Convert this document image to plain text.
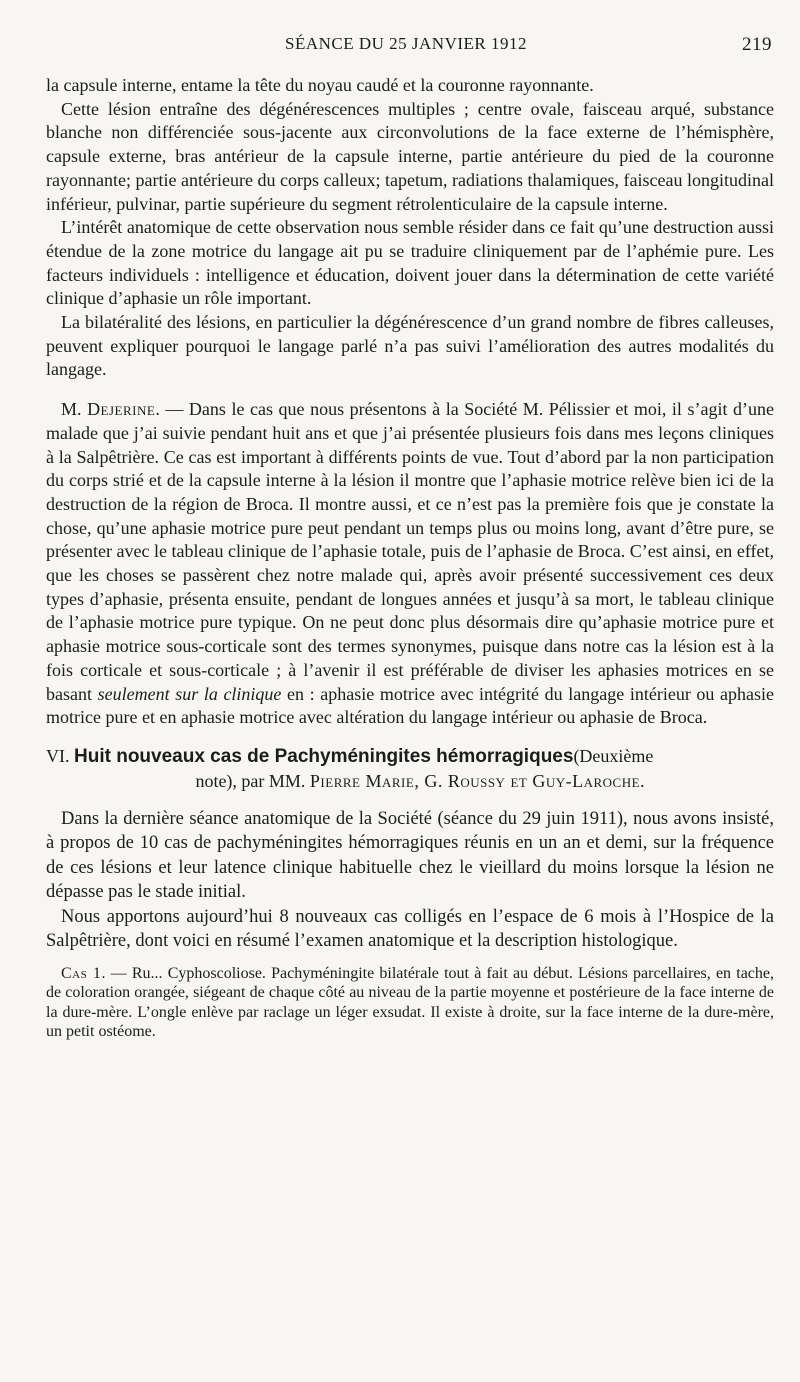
SÉANCE DU 25 JANVIER 1912	219

la capsule interne, entame la tête du noyau caudé et la couronne rayonnante.

Cette lésion entraîne des dégénérescences multiples ; centre ovale, faisceau arqué, substance blanche non différenciée sous-jacente aux circonvolutions de la face externe de l’hémisphère, capsule externe, bras antérieur de la capsule interne, partie antérieure du pied de la couronne rayonnante; partie antérieure du corps calleux; tapetum, radiations thalamiques, faisceau longitudinal inférieur, pulvinar, partie supérieure du segment rétrolenticulaire de la capsule interne.

L’intérêt anatomique de cette observation nous semble résider dans ce fait qu’une destruction aussi étendue de la zone motrice du langage ait pu se traduire cliniquement par de l’aphémie pure. Les facteurs individuels : intelligence et éducation, doivent jouer dans la détermination de cette variété clinique d’aphasie un rôle important.

La bilatéralité des lésions, en particulier la dégénérescence d’un grand nombre de fibres calleuses, peuvent expliquer pourquoi le langage parlé n’a pas suivi l’amélioration des autres modalités du langage.

M. Dejerine. — Dans le cas que nous présentons à la Société M. Pélissier et moi, il s’agit d’une malade que j’ai suivie pendant huit ans et que j’ai présentée plusieurs fois dans mes leçons cliniques à la Salpêtrière. Ce cas est important à différents points de vue. Tout d’abord par la non participation du corps strié et de la capsule interne à la lésion il montre que l’aphasie motrice relève bien ici de la destruction de la région de Broca. Il montre aussi, et ce n’est pas la première fois que je constate la chose, qu’une aphasie motrice pure peut pendant un temps plus ou moins long, avant d’être pure, se présenter avec le tableau clinique de l’aphasie totale, puis de l’aphasie de Broca. C’est ainsi, en effet, que les choses se passèrent chez notre malade qui, après avoir présenté successivement ces deux types d’aphasie, présenta ensuite, pendant de longues années et jusqu’à sa mort, le tableau clinique de l’aphasie motrice pure typique. On ne peut donc plus désormais dire qu’aphasie motrice pure et aphasie motrice sous-corticale sont des termes synonymes, puisque dans notre cas la lésion est à la fois corticale et sous-corticale ; à l’avenir il est préférable de diviser les aphasies motrices en se basant seulement sur la clinique en : aphasie motrice avec intégrité du langage intérieur ou aphasie motrice pure et en aphasie motrice avec altération du langage intérieur ou aphasie de Broca.

VI. Huit nouveaux cas de Pachyméningites hémorragiques(Deuxième
note), par MM. Pierre Marie, G. Roussy et Guy-Laroche.

Dans la dernière séance anatomique de la Société (séance du 29 juin 1911), nous avons insisté, à propos de 10 cas de pachyméningites hémorragiques réunis en un an et demi, sur la fréquence de ces lésions et leur latence clinique habituelle chez le vieillard du moins lorsque la lésion ne dépasse pas le stade initial.

Nous apportons aujourd’hui 8 nouveaux cas colligés en l’espace de 6 mois à l’Hospice de la Salpêtrière, dont voici en résumé l’examen anatomique et la description histologique.

Cas 1. — Ru... Cyphoscoliose. Pachyméningite bilatérale tout à fait au début. Lésions parcellaires, en tache, de coloration orangée, siégeant de chaque côté au niveau de la partie moyenne et postérieure de la face interne de la dure-mère. L’ongle enlève par raclage un léger exsudat. Il existe à droite, sur la face interne de la dure-mère, un petit ostéome.
